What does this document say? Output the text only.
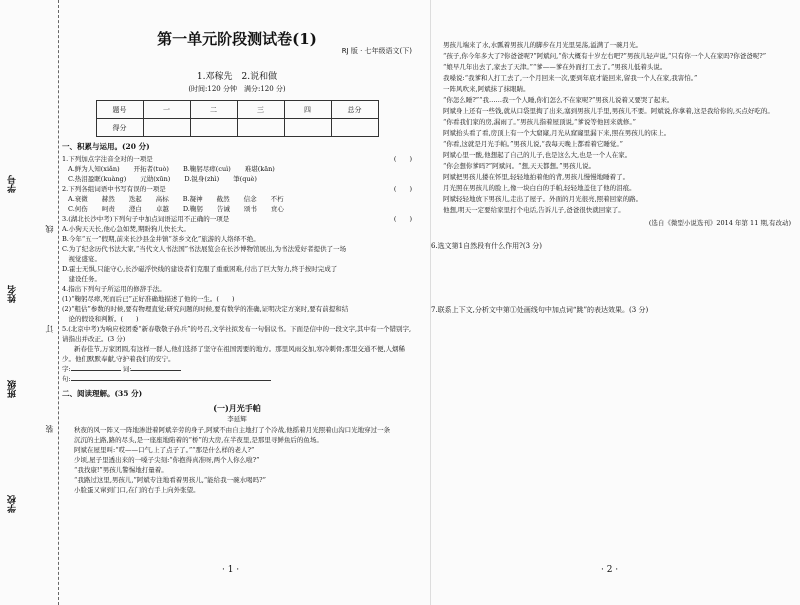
学号
姓名
班级
学校
线
订
装
第一单元阶段测试卷(1)
RJ 版 · 七年级语文(下)
1.邓稼先　2.说和做
(时间:120 分钟　满分:120 分)
题号	一	二	三	四	总分
得分					
一、积累与运用。(20 分)
1.下列加点字注音全对的一项是	(　　)
A.鲜为人知(xiǎn) 开拓者(tuò) B.鞠躬尽瘁(cuì) 难堪(kān)
C.热泪盈眶(kuàng) 元勋(xūn) D.锐身(zhì) 筆(què)
2.下列各组词语中书写有误的一项是	(　　)
A.衰微 赫然 迭起 高标 B.凝神 截然 信念 不朽
C.何伤 呵责 澄白 卓越 D.鞠躬 告诫 颂书 贲心
3.(湖北长沙中考)下列句子中加点词语运用不正确的一项是	(　　)
A.小狗天天长,他心急如焚,期盼狗儿快长大。
B.今年“五一”假期,前来长沙县金井镇“茶乡文化”旅游的人络绎不绝。
C.为了纪念历代书法大家,“当代文人书法国”书法展览会在长沙博物馆展出,为书法爱好者提供了一场
　视觉盛宴。
D.霍士无惧,只能守心,长沙磁浮快线的建设者们克服了重重困难,付出了巨大努力,终于按时完成了
　建设任务。
4.指出下列句子所运用的修辞手法。
(1)“鞠躬尽瘁,死而后已”正好准确地描述了他的一生。(　　)
(2)“粗估”参数的时候,要有物理直觉;研究问题的时候,要有数学的准确,证明决定方案时,要有前提和结
　论的假设和判断。(　　)
5.(北京中考)为响应校团委“新春敬敬子孙兵”的号召,文学社拟发布一句倡议书。下面是信中的一段文字,其中有一个错别字,请指出并改正。(3 分)
新春佳节,万家团圆,有这样一群人,他们选择了坚守在祖国需要的地方。那里风雨交加,寒冷刺骨;那里交通不便,人烟稀少。他们默默奉献,守护着我们的安宁。
字:	词:
句:
二、阅读理解。(35 分)
(一)月光手帕
李延辉
秋夜的风一阵又一阵地渗进着阿斌辛劳的身子,阿斌不由自主地打了个冷战,他摇着月光照着山沟口光地穿过一条
沉沉的土路,路的尽头,是一座座地陷着的“桥”的大房,在半夜里,是那里寻鲜鱼后的鱼场。
阿斌在屋里叫:“哎——口气,上了点子了。”“那是什么样的老人?”
少顷,屋子里透出来的一嗓子尖刻:“你抱得真准呀,两个人你么啦?”
“我找康!”男孩儿警惕地打量着。
“我路过这里,男孩儿,”阿斌专注地看着男孩儿,“能给我一碗水喝吗?”
小脸蛋又窜到门口,在门的右手上向外张望。
· 1 ·
男孩儿端来了水,水瓢着男孩儿的脚步在月光里晃荡,溢满了一碗月光。
“孩子,你今年多大了?你爸爸呢?”阿斌问,“你大概有十岁左右吧?”男孩儿轻声说,“只有你一个人在家吗?你爸爸呢?”
“娘早几年出去了,家去了天津。”“爹——爹在外面打工去了。”男孩儿低着头说。
我嗓说:“我爹和人打工去了,一个月回来一次,要到年底才能回来,留我一个人在家,我害怕。”
一阵风吹来,阿斌抹了抹眼睛。
“你怎么睡?”“我……我一个人睡,你们怎么不在家呢?”男孩儿说着又要哭了起来。
阿斌身上还有一些钱,就从口袋里掏了出来,塞到男孩儿手里,男孩儿不要。阿斌说,你拿着,这是我给你的,买点好吃的。
“你看我们家的房,漏雨了。”男孩儿指着屋顶说,“爹说等他回来就修。”
阿斌抬头看了看,房顶上有一个大窟窿,月光从窟窿里漏下来,照在男孩儿的床上。
“你看,这就是月光手帕。”男孩儿说,“我每天晚上都看着它睡觉。”
阿斌心里一酸,他想起了自己的儿子,也是这么大,也是一个人在家。
“你会想你爹吗?”阿斌问。“想,天天都想。”男孩儿说。
阿斌把男孩儿搂在怀里,轻轻地拍着他的背,男孩儿慢慢地睡着了。
月光照在男孩儿的脸上,像一块白白的手帕,轻轻地盖住了他的泪痕。
阿斌轻轻地放下男孩儿,走出了屋子。外面的月光很亮,照着回家的路。
他想,明天一定要给家里打个电话,告诉儿子,爸爸很快就回家了。
(选自《微型小说选刊》2014 年第 11 期,有改动)
6.选文第1自然段有什么作用?(3 分)
7.联系上下文,分析文中第①处画线句中加点词“跳”的表达效果。(3 分)
· 2 ·
